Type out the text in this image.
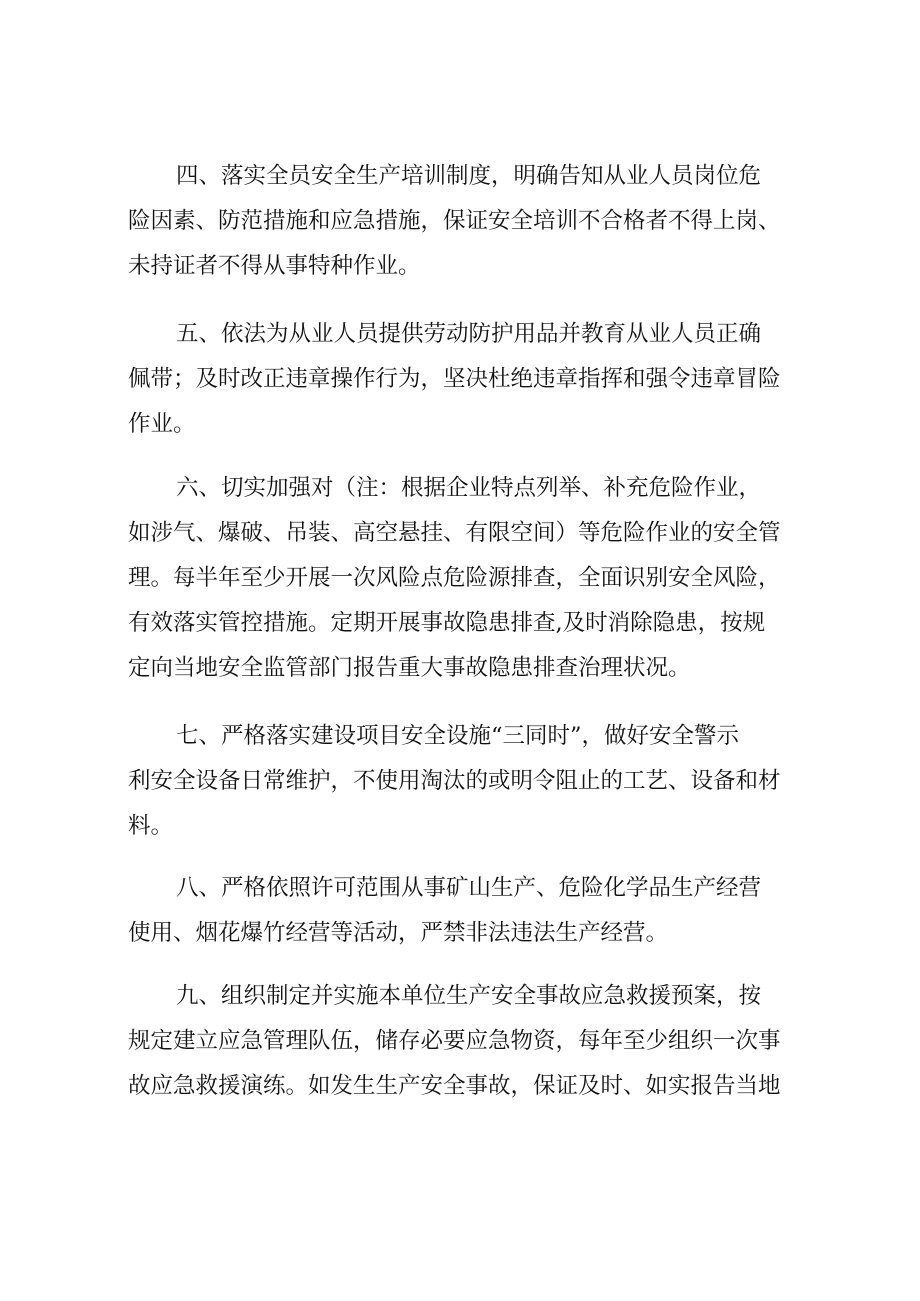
四、落实全员安全生产培训制度，明确告知从业人员岗位危
险因素、防范措施和应急措施，保证安全培训不合格者不得上岗、
未持证者不得从事特种作业。
五、依法为从业人员提供劳动防护用品并教育从业人员正确
佩带；及时改正违章操作行为，坚决杜绝违章指挥和强令违章冒险
作业。
六、切实加强对（注：根据企业特点列举、补充危险作业，
如涉气、爆破、吊装、高空悬挂、有限空间）等危险作业的安全管
理。每半年至少开展一次风险点危险源排查，全面识别安全风险，
有效落实管控措施。定期开展事故隐患排查,及时消除隐患，按规
定向当地安全监管部门报告重大事故隐患排查治理状况。
七、严格落实建设项目安全设施“三同时”，做好安全警示
利安全设备日常维护，不使用淘汰的或明令阻止的工艺、设备和材
料。
八、严格依照许可范围从事矿山生产、危险化学品生产经营
使用、烟花爆竹经营等活动，严禁非法违法生产经营。
九、组织制定并实施本单位生产安全事故应急救援预案，按
规定建立应急管理队伍，储存必要应急物资，每年至少组织一次事
故应急救援演练。如发生生产安全事故，保证及时、如实报告当地
